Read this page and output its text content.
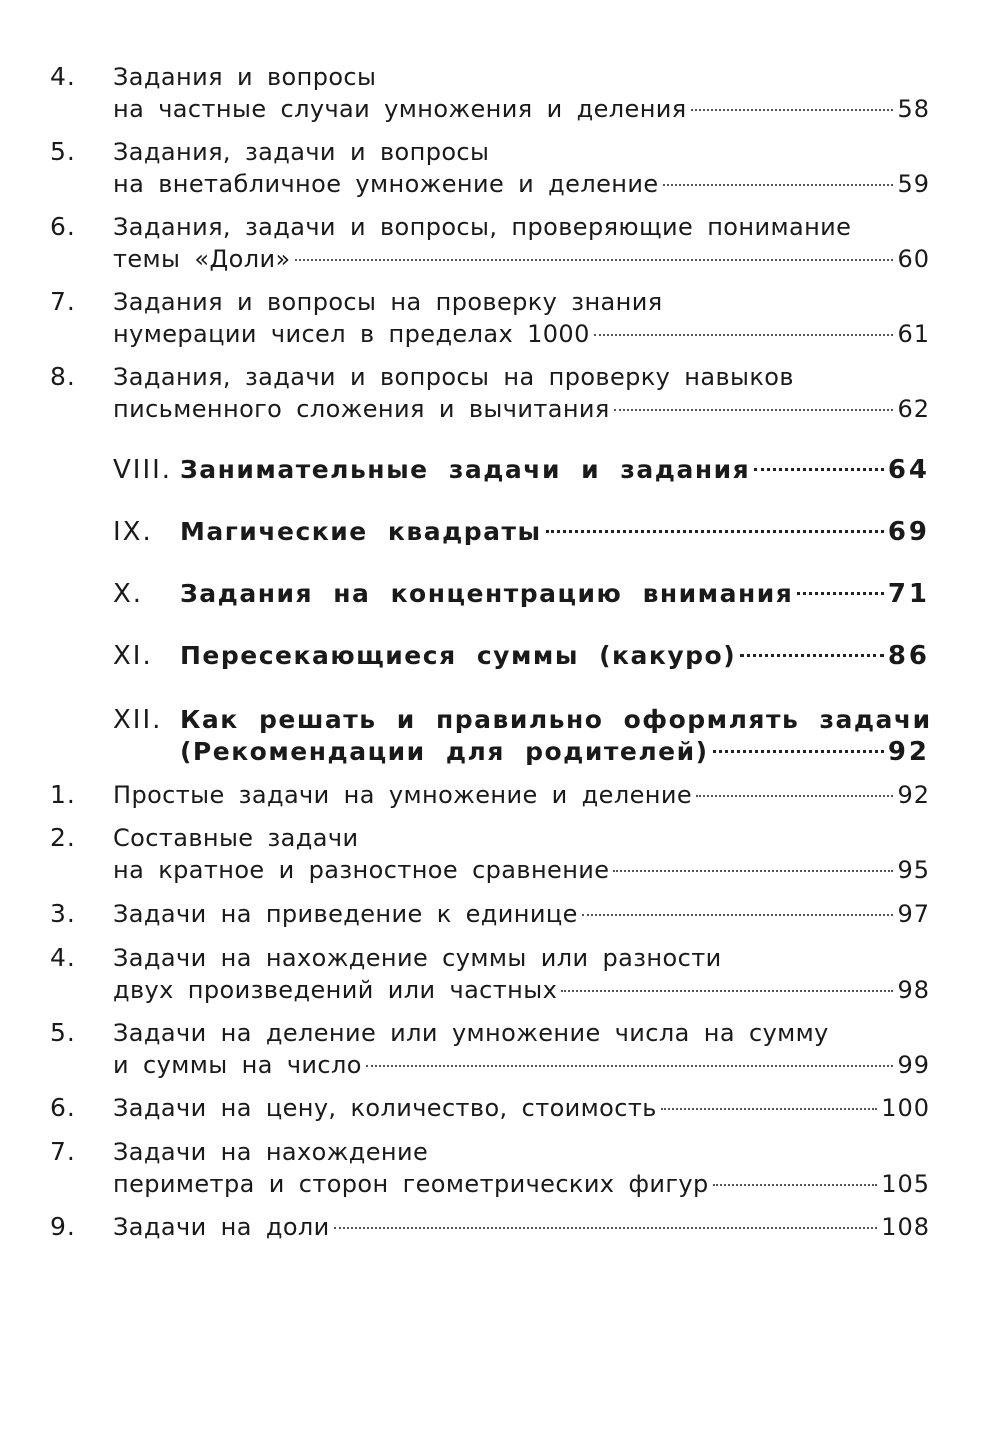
4. Задания и вопросы
на частные случаи умножения и деления	58
5. Задания, задачи и вопросы
на внетабличное умножение и деление	59
6. Задания, задачи и вопросы, проверяющие понимание
темы «Доли»	60
7. Задания и вопросы на проверку знания
нумерации чисел в пределах 1000	61
8. Задания, задачи и вопросы на проверку навыков
письменного сложения и вычитания	62
VIII. Занимательные задачи и задания	64
IX. Магические квадраты	69
X. Задания на концентрацию внимания	71
XI. Пересекающиеся суммы (какуро)	86
XII. Как решать и правильно оформлять задачи
(Рекомендации для родителей)	92
1. Простые задачи на умножение и деление	92
2. Составные задачи
на кратное и разностное сравнение	95
3. Задачи на приведение к единице	97
4. Задачи на нахождение суммы или разности
двух произведений или частных	98
5. Задачи на деление или умножение числа на сумму
и суммы на число	99
6. Задачи на цену, количество, стоимость	100
7. Задачи на нахождение
периметра и сторон геометрических фигур	105
9. Задачи на доли	108
